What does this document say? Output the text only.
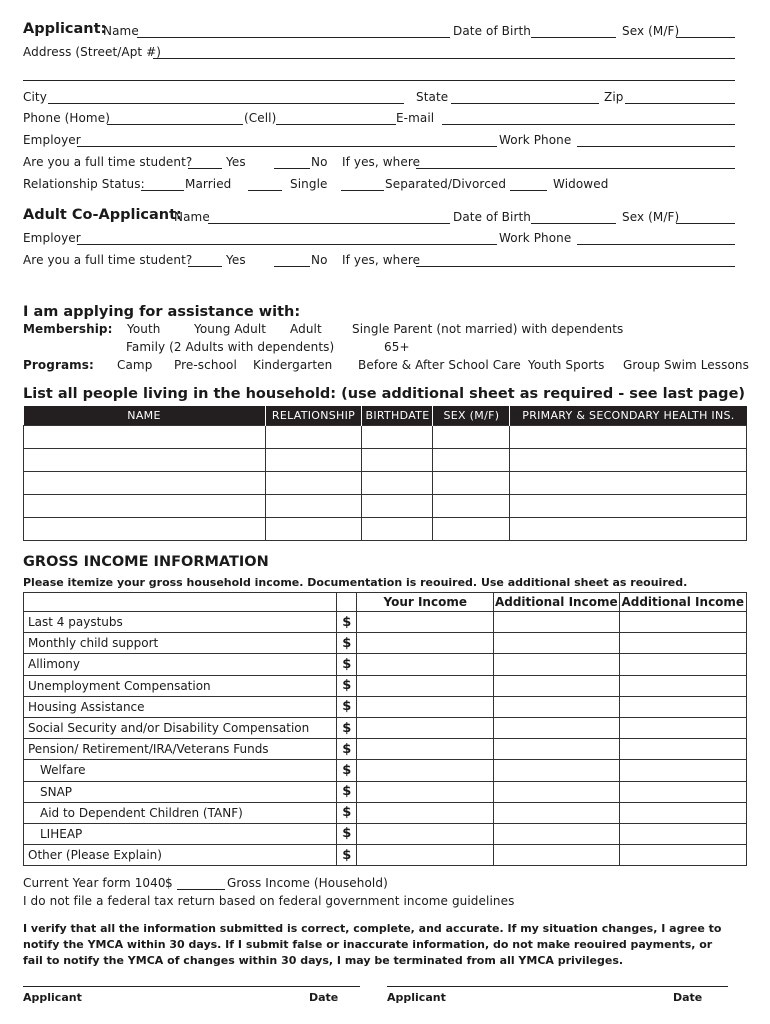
Applicant:
Name	Date of Birth	Sex (M/F)
Address (Street/Apt #)
City	State	Zip
Phone (Home)	(Cell)	E-mail
Employer	Work Phone
Are you a full time student?	Yes	No If yes, where
Relationship Status:	Married	Single	Separated/Divorced	Widowed
Adult Co-Applicant:
Name	Date of Birth	Sex (M/F)
Employer	Work Phone
Are you a full time student?	Yes	No If yes, where
I am applying for assistance with:
Membership: Youth	Young Adult Adult	Single Parent (not married) with dependents
Family (2 Adults with dependents)	65+
Programs: Camp Pre-school Kindergarten Before & After School Care Youth Sports Group Swim Lessons
List all people living in the household: (use additional sheet as required - see last page)
NAME	RELATIONSHIP	BIRTHDATE	SEX (M/F)	PRIMARY & SECONDARY HEALTH INS.

GROSS INCOME INFORMATION
Please itemize your gross household income. Documentation is reouired. Use additional sheet as reouired.
		Your Income	Additional Income	Additional Income
Last 4 paystubs	$			
Monthly child support	$			
Allimony	$			
Unemployment Compensation	$			
Housing Assistance	$			
Social Security and/or Disability Compensation	$			
Pension/ Retirement/IRA/Veterans Funds	$			
Welfare	$			
SNAP	$			
Aid to Dependent Children (TANF)	$			
LIHEAP	$			
Other (Please Explain)	$			
Current Year form 1040 $	Gross Income (Household)
I do not file a federal tax return based on federal government income guidelines
I verify that all the information submitted is correct, complete, and accurate. If my situation changes, I agree to notify the YMCA within 30 days. If I submit false or inaccurate information, do not make reouired payments, or fail to notify the YMCA of changes within 30 days, I may be terminated from all YMCA privileges.
Applicant	Date	Applicant	Date
